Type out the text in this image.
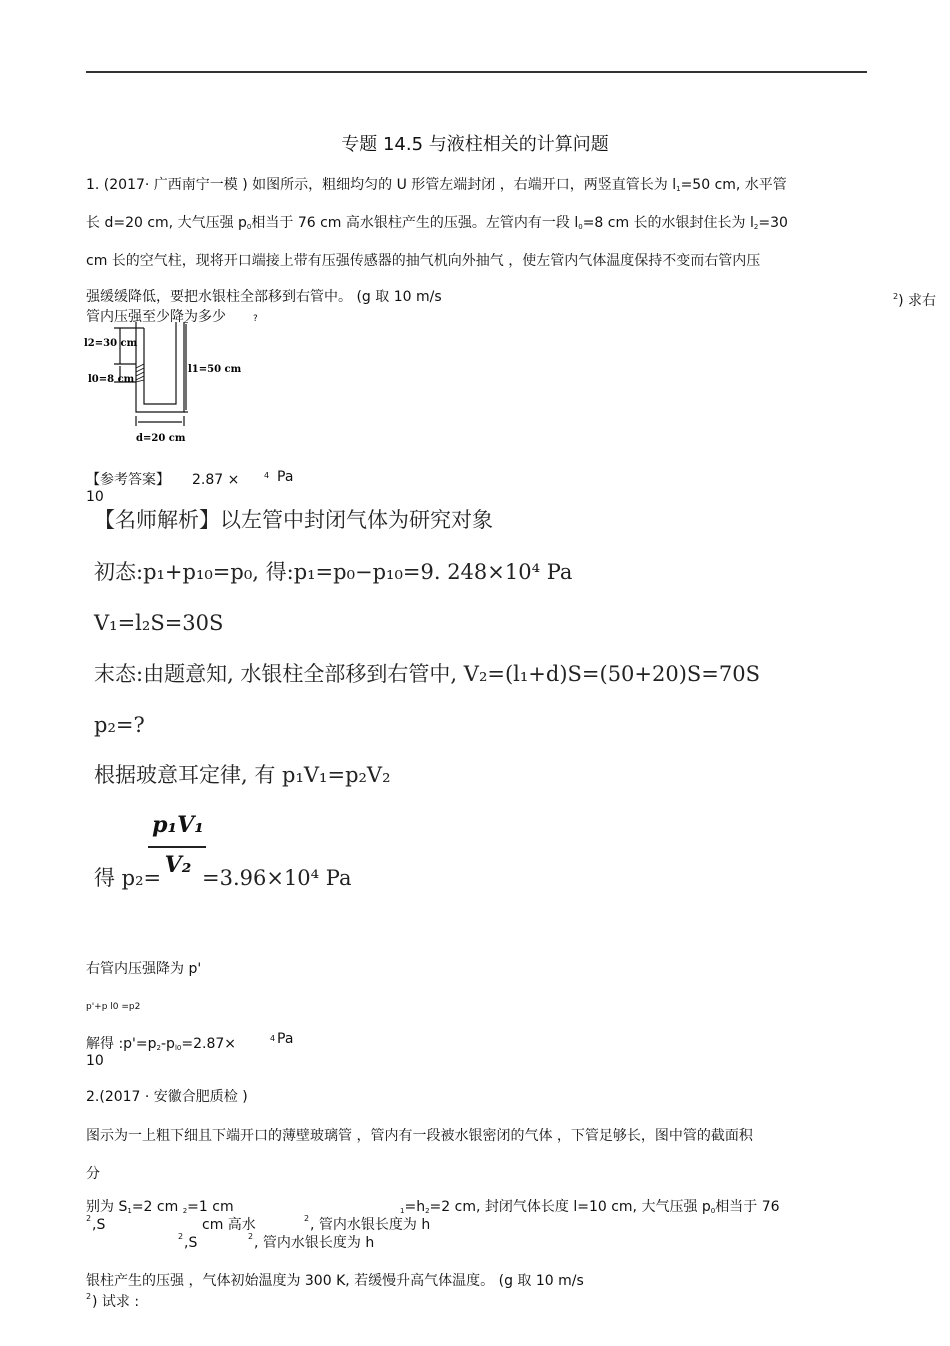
专题 14.5 与液柱相关的计算问题
1. (2017· 广西南宁一模 ) 如图所示，粗细均匀的 U 形管左端封闭 ，右端开口，两竖直管长为 $l_1=50$ cm, 水平管
长 d=20 cm, 大气压强 $p_0$相当于 76 cm 高水银柱产生的压强。左管内有一段 $l_0=8$ cm 长的水银封住长为 $l_2=30$
cm 长的空气柱，现将开口端接上带有压强传感器的抽气机向外抽气 ，使左管内气体温度保持不变而右管内压
强缓缓降低，要把水银柱全部移到右管中。 (g 取 10 m/s	$^2$) 求右
管内压强至少降为多少	?
l2=30 cm
l0=8 cm
l1=50 cm
d=20 cm
【参考答案】 2.87 ×	4 Pa
10
【名师解析】以左管中封闭气体为研究对象
初态:p₁+p₁₀=p₀, 得:p₁=p₀−p₁₀=9. 248×10⁴ Pa
V₁=l₂S=30S
末态:由题意知, 水银柱全部移到右管中, V₂=(l₁+d)S=(50+20)S=70S
p₂=?
根据玻意耳定律, 有 p₁V₁=p₂V₂
p₁V₁
V₂
得 p₂= =3.96×10⁴ Pa
右管内压强降为 p'
p'+p l0 =p2
解得 $:p'=p_2-p_{l0}=2.87\times$	4 Pa
10
2.(2017 · 安徽合肥质检 )
图示为一上粗下细且下端开口的薄壁玻璃管 ，管内有一段被水银密闭的气体 ，下管足够长，图中管的截面积
分
别为 $S_1=2$ cm $_2$=1 cm	$_1=h_2=2$ cm, 封闭气体长度 l=10 cm, 大气压强 $p_0$相当于 76
2 ,S	cm 高水	2 , 管内水银长度为 h
2 ,S	2 , 管内水银长度为 h
银柱产生的压强 ，气体初始温度为 300 K, 若缓慢升高气体温度。 (g 取 10 m/s
2 ) 试求 :
